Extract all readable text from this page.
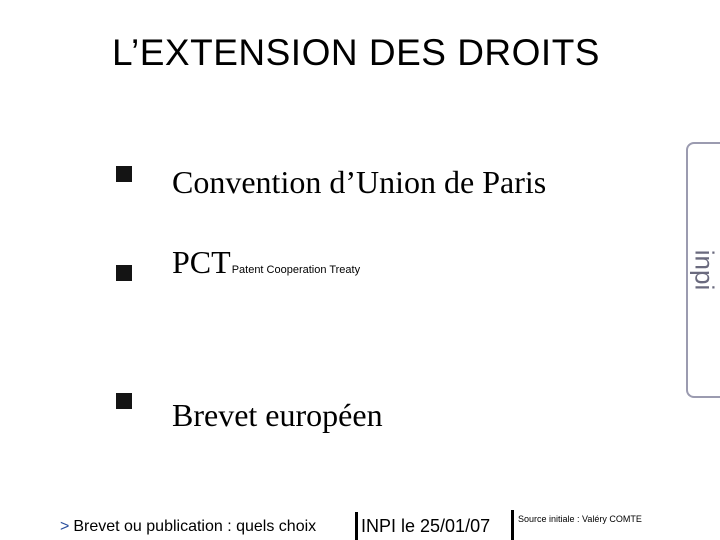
L’EXTENSION DES DROITS
Convention d’Union de Paris
PCTPatent Cooperation Treaty
Brevet européen
inpi
> Brevet ou publication : quels choix INPI le 25/01/07	Source initiale : Valéry COMTE
